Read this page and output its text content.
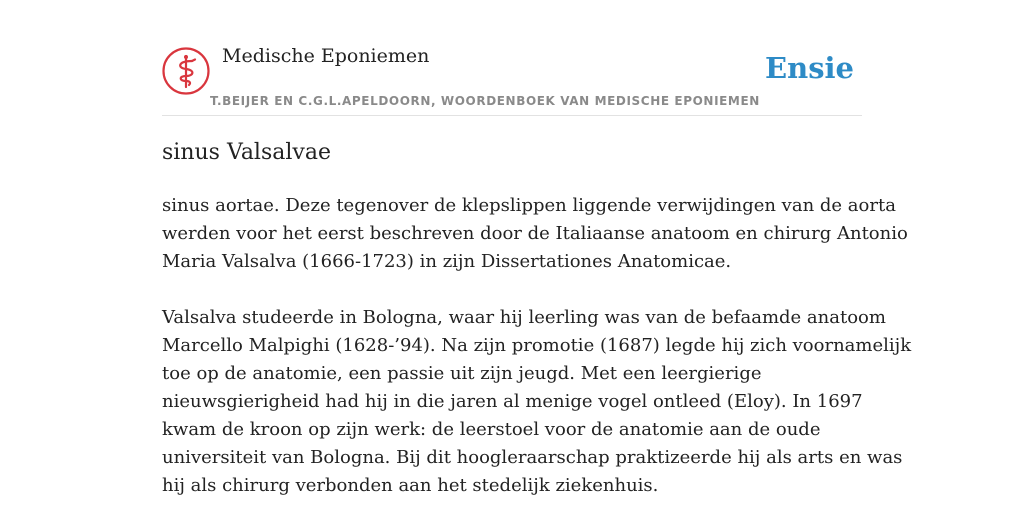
Medische Eponiemen
T.BEIJER EN C.G.L.APELDOORN, WOORDENBOEK VAN MEDISCHE EPONIEMEN
Ensie
sinus Valsalvae

sinus aortae. Deze tegenover de klepslippen liggende verwijdingen van de aorta
werden voor het eerst beschreven door de Italiaanse anatoom en chirurg Antonio
Maria Valsalva (1666-1723) in zijn Dissertationes Anatomicae.

Valsalva studeerde in Bologna, waar hij leerling was van de befaamde anatoom
Marcello Malpighi (1628-’94). Na zijn promotie (1687) legde hij zich voornamelijk
toe op de anatomie, een passie uit zijn jeugd. Met een leergierige
nieuwsgierigheid had hij in die jaren al menige vogel ontleed (Eloy). In 1697
kwam de kroon op zijn werk: de leerstoel voor de anatomie aan de oude
universiteit van Bologna. Bij dit hoogleraarschap praktizeerde hij als arts en was
hij als chirurg verbonden aan het stedelijk ziekenhuis.
